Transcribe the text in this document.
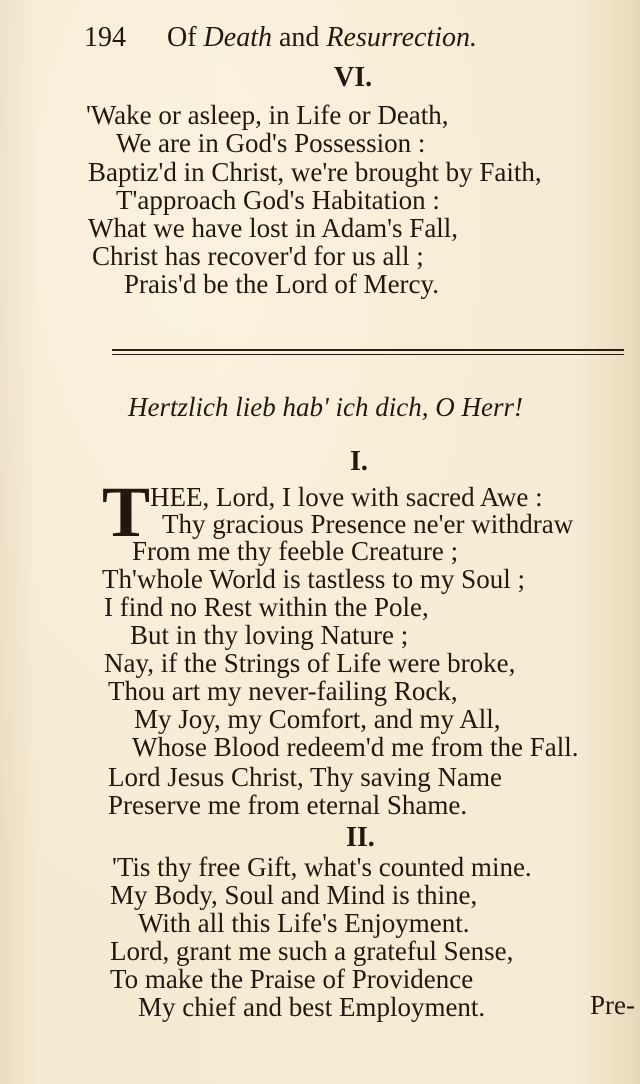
194 Of Death and Resurrection.
VI.
'Wake or asleep, in Life or Death,
We are in God's Possession :
Baptiz'd in Christ, we're brought by Faith,
T'approach God's Habitation :
What we have lost in Adam's Fall,
Christ has recover'd for us all ;
Prais'd be the Lord of Mercy.
Hertzlich lieb hab' ich dich, O Herr!
I.
T HEE, Lord, I love with sacred Awe :
Thy gracious Presence ne'er withdraw
From me thy feeble Creature ;
Th'whole World is tastless to my Soul ;
I find no Rest within the Pole,
But in thy loving Nature ;
Nay, if the Strings of Life were broke,
Thou art my never-failing Rock,
My Joy, my Comfort, and my All,
Whose Blood redeem'd me from the Fall.
Lord Jesus Christ, Thy saving Name
Preserve me from eternal Shame.
II.
'Tis thy free Gift, what's counted mine.
My Body, Soul and Mind is thine,
With all this Life's Enjoyment.
Lord, grant me such a grateful Sense,
To make the Praise of Providence
My chief and best Employment.	Pre-
